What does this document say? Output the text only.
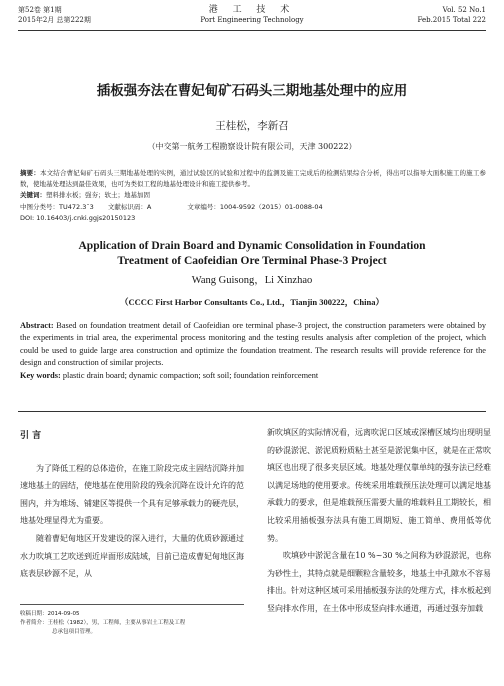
第52卷 第1期
2015年2月 总第222期
港 工 技 术
Port Engineering Technology
Vol. 52 No.1
Feb.2015 Total 222
插板强夯法在曹妃甸矿石码头三期地基处理中的应用
王桂松，李新召
（中交第一航务工程勘察设计院有限公司，天津 300222）
摘要：本文结合曹妃甸矿石码头三期地基处理的实例，通过试验区的试验和过程中的监测及施工完成后的检测结果综合分析，得出可以指导大面积施工的施工参数，使地基处理达到最佳效果，也可为类似工程的地基处理设计和施工提供参考。
关键词：塑料排水板；强夯；软土；地基加固
中图分类号：TU472.3ˉ3 文献标识码：A	文章编号：1004-9592（2015）01-0088-04
DOI: 10.16403/j.cnki.ggjs20150123
Application of Drain Board and Dynamic Consolidation in Foundation
Treatment of Caofeidian Ore Terminal Phase-3 Project
Wang Guisong，Li Xinzhao
（CCCC First Harbor Consultants Co., Ltd.，Tianjin 300222，China）
Abstract: Based on foundation treatment detail of Caofeidian ore terminal phase-3 project, the construction parameters were obtained by the experiments in trial area, the experimental process monitoring and the testing results analysis after completion of the project, which could be used to guide large area construction and optimize the foundation treatment. The research results will provide reference for the design and construction of similar projects.
Key words: plastic drain board; dynamic compaction; soft soil; foundation reinforcement

引 言

为了降低工程的总体造价，在施工阶段完成主固结沉降并加速地基土的固结，使地基在使用阶段的残余沉降在设计允许的范围内，并为堆场、铺建区等提供一个具有足够承载力的硬壳层，地基处理显得尤为重要。

随着曹妃甸地区开发建设的深入进行，大量的优质砂源通过水力吹填工艺吹送到近岸面形成陆域，目前已造成曹妃甸地区海底表层砂源不足，从

新吹填区的实际情况看，远离吹泥口区域或深槽区域均出现明显的砂混淤泥、淤泥质粉质粘土甚至是淤泥集中区，就是在正常吹填区也出现了很多夹层区域。地基处理仅靠单纯的强夯法已经难以满足场地的使用要求。传统采用堆载预压法处理可以满足地基承载力的要求，但是堆载预压需要大量的堆载料且工期较长，相比较采用插板强夯法具有施工周期短、施工简单、费用低等优势。

吹填砂中淤泥含量在10 %~30 %之间称为砂混淤泥，也称为砂性土，其特点就是细颗粒含量较多，地基土中孔隙水不容易排出。针对这种区域可采用插板强夯法的处理方式，排水板起到竖向排水作用，在土体中形成竖向排水通道，再通过强夯加载

收稿日期：2014-09-05
作者简介：王桂松（1982），男，工程师，主要从事岩土工程及工程
总承包项目管理。
